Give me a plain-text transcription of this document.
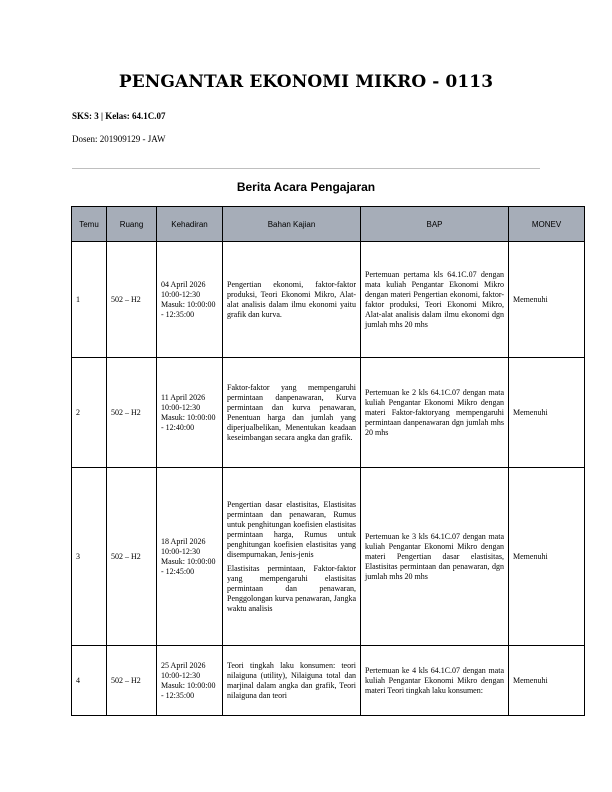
PENGANTAR EKONOMI MIKRO - 0113
SKS: 3 | Kelas: 64.1C.07
Dosen: 201909129 - JAW
Berita Acara Pengajaran
Temu	Ruang	Kehadiran	Bahan Kajian	BAP	MONEV
1	502 – H2	04 April 2026 10:00-12:30 Masuk: 10:00:00 - 12:35:00	Pengertian ekonomi, faktor-faktor produksi, Teori Ekonomi Mikro, Alat-alat analisis dalam ilmu ekonomi yaitu grafik dan kurva.	Pertemuan pertama kls 64.1C.07 dengan mata kuliah Pengantar Ekonomi Mikro dengan materi Pengertian ekonomi, faktor-faktor produksi, Teori Ekonomi Mikro, Alat-alat analisis dalam ilmu ekonomi dgn jumlah mhs 20 mhs	Memenuhi
2	502 – H2	11 April 2026 10:00-12:30 Masuk: 10:00:00 - 12:40:00	Faktor-faktor yang mempengaruhi permintaan danpenawaran, Kurva permintaan dan kurva penawaran, Penentuan harga dan jumlah yang diperjualbelikan, Menentukan keadaan keseimbangan secara angka dan grafik.	Pertemuan ke 2 kls 64.1C.07 dengan mata kuliah Pengantar Ekonomi Mikro dengan materi Faktor-faktoryang mempengaruhi permintaan danpenawaran dgn jumlah mhs 20 mhs	Memenuhi
3	502 – H2	18 April 2026 10:00-12:30 Masuk: 10:00:00 - 12:45:00	Pengertian dasar elastisitas, Elastisitas permintaan dan penawaran, Rumus untuk penghitungan koefisien elastisitas permintaan harga, Rumus untuk penghitungan koefisien elastisitas yang disempurnakan, Jenis-jenis
Elastisitas permintaan, Faktor-faktor yang mempengaruhi elastisitas permintaan dan penawaran, Penggolongan kurva penawaran, Jangka waktu analisis	Pertemuan ke 3 kls 64.1C.07 dengan mata kuliah Pengantar Ekonomi Mikro dengan materi Pengertian dasar elastisitas, Elastisitas permintaan dan penawaran, dgn jumlah mhs 20 mhs	Memenuhi
4	502 – H2	25 April 2026 10:00-12:30 Masuk: 10:00:00 - 12:35:00	Teori tingkah laku konsumen: teori nilaiguna (utility), Nilaiguna total dan marjinal dalam angka dan grafik, Teori nilaiguna dan teori	Pertemuan ke 4 kls 64.1C.07 dengan mata kuliah Pengantar Ekonomi Mikro dengan materi Teori tingkah laku konsumen:	Memenuhi
